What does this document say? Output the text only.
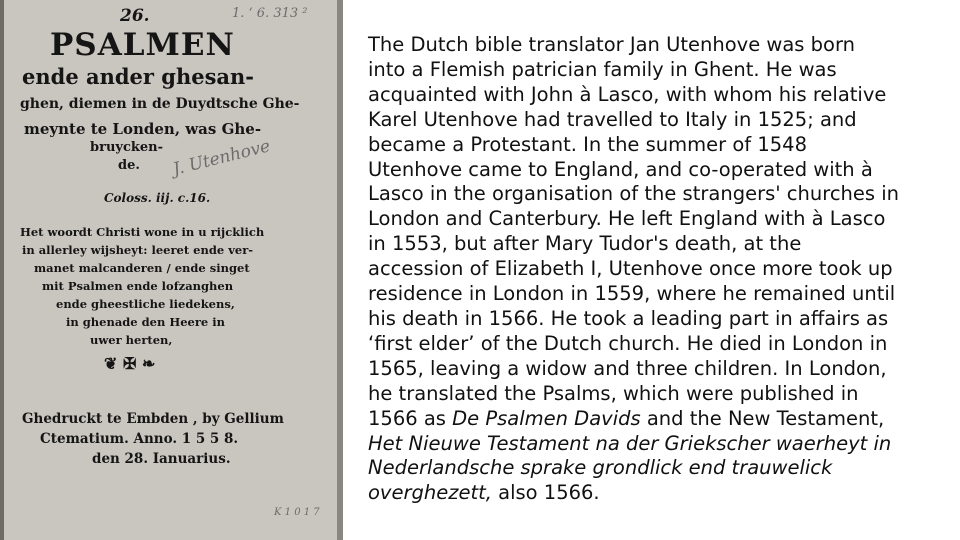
26.	1. ‘ 6. 313 ²
PSALMEN
ende ander ghesan-
ghen, diemen in de Duydtsche Ghe-
meynte te Londen, was Ghe-
bruycken-
de. J. Utenhove
Coloss. iij. c.16.
Het woordt Christi wone in u rijcklich
in allerley wijsheyt: leeret ende ver-
manet malcanderen / ende singet
mit Psalmen ende lofzanghen
ende gheestliche liedekens,
in ghenade den Heere in
uwer herten,
❦ ✠ ❧
Ghedruckt te Embden , by Gellium
Ctematium. Anno. 1 5 5 8.
den 28. Ianuarius.
K 1 0 1 7
The Dutch bible translator Jan Utenhove was born
into a Flemish patrician family in Ghent. He was
acquainted with John à Lasco, with whom his relative
Karel Utenhove had travelled to Italy in 1525; and
became a Protestant. In the summer of 1548
Utenhove came to England, and co-operated with à
Lasco in the organisation of the strangers' churches in
London and Canterbury. He left England with à Lasco
in 1553, but after Mary Tudor's death, at the
accession of Elizabeth I, Utenhove once more took up
residence in London in 1559, where he remained until
his death in 1566. He took a leading part in affairs as
‘first elder’ of the Dutch church. He died in London in
1565, leaving a widow and three children. In London,
he translated the Psalms, which were published in
1566 as De Psalmen Davids and the New Testament,
Het Nieuwe Testament na der Griekscher waerheyt in
Nederlandsche sprake grondlick end trauwelick
overghezett, also 1566.
